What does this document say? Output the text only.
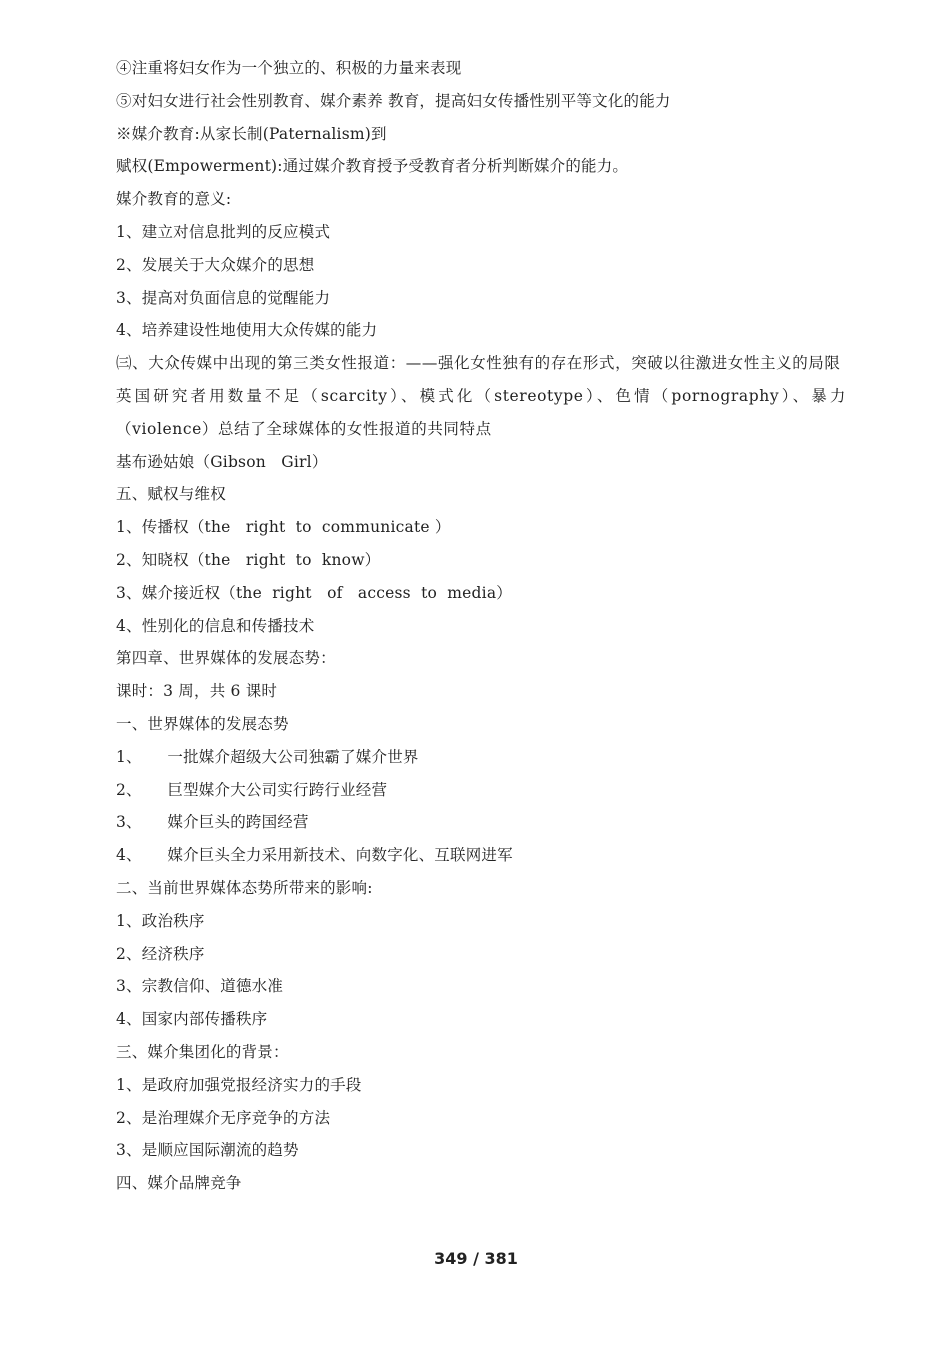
④注重将妇女作为一个独立的、积极的力量来表现
⑤对妇女进行社会性别教育、媒介素养 教育，提高妇女传播性别平等文化的能力
※媒介教育:从家长制(Paternalism)到
赋权(Empowerment):通过媒介教育授予受教育者分析判断媒介的能力。
媒介教育的意义:
1、建立对信息批判的反应模式
2、发展关于大众媒介的思想
3、提高对负面信息的觉醒能力
4、培养建设性地使用大众传媒的能力
㈢、大众传媒中出现的第三类女性报道：——强化女性独有的存在形式，突破以往激进女性主义的局限
英国研究者用数量不足（scarcity）、模式化（stereotype）、色情（pornography）、暴力（violence）总结了全球媒体的女性报道的共同特点
基布逊姑娘（Gibson   Girl）
五、赋权与维权
1、传播权（the   right  to  communicate ）
2、知晓权（the   right  to  know）
3、媒介接近权（the  right   of   access  to  media）
4、性别化的信息和传播技术
第四章、世界媒体的发展态势：
课时：3 周，共 6 课时
一、世界媒体的发展态势
1、     一批媒介超级大公司独霸了媒介世界
2、     巨型媒介大公司实行跨行业经营
3、     媒介巨头的跨国经营
4、     媒介巨头全力采用新技术、向数字化、互联网进军
二、当前世界媒体态势所带来的影响:
1、政治秩序
2、经济秩序
3、宗教信仰、道德水准
4、国家内部传播秩序
三、媒介集团化的背景：
1、是政府加强党报经济实力的手段
2、是治理媒介无序竞争的方法
3、是顺应国际潮流的趋势
四、媒介品牌竞争
349 / 381
